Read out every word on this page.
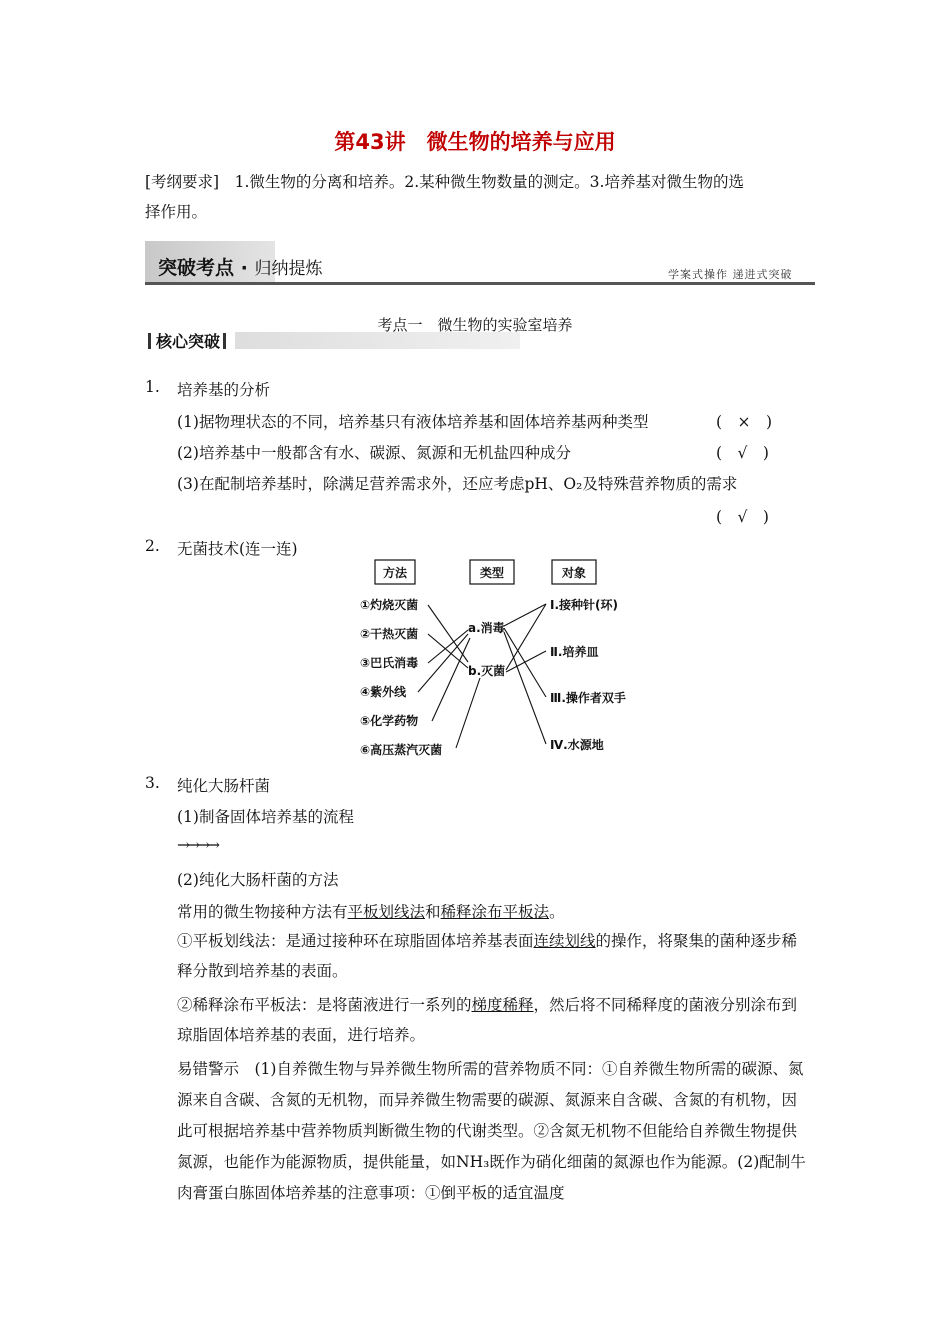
第43讲　微生物的培养与应用
[考纲要求]　1.微生物的分离和培养。2.某种微生物数量的测定。3.培养基对微生物的选
择作用。
突破考点 · 归纳提炼	学案式操作 递进式突破
考点一　微生物的实验室培养
核心突破
1. 培养基的分析
(1)据物理状态的不同，培养基只有液体培养基和固体培养基两种类型	(　×　)
(2)培养基中一般都含有水、碳源、氮源和无机盐四种成分	(　√　)
(3)在配制培养基时，除满足营养需求外，还应考虑pH、O₂及特殊营养物质的需求
(　√　)
2. 无菌技术(连一连)
方法	类型	对象
①灼烧灭菌
②干热灭菌
③巴氏消毒
④紫外线
⑤化学药物
⑥高压蒸汽灭菌
a.消毒
b.灭菌
Ⅰ.接种针(环)
Ⅱ.培养皿
Ⅲ.操作者双手
Ⅳ.水源地
3. 纯化大肠杆菌
(1)制备固体培养基的流程
→→→→
(2)纯化大肠杆菌的方法
常用的微生物接种方法有平板划线法和稀释涂布平板法。
①平板划线法：是通过接种环在琼脂固体培养基表面连续划线的操作，将聚集的菌种逐步稀释分散到培养基的表面。
②稀释涂布平板法：是将菌液进行一系列的梯度稀释，然后将不同稀释度的菌液分别涂布到琼脂固体培养基的表面，进行培养。
易错警示　(1)自养微生物与异养微生物所需的营养物质不同：①自养微生物所需的碳源、氮源来自含碳、含氮的无机物，而异养微生物需要的碳源、氮源来自含碳、含氮的有机物，因此可根据培养基中营养物质判断微生物的代谢类型。②含氮无机物不但能给自养微生物提供氮源，也能作为能源物质，提供能量，如NH₃既作为硝化细菌的氮源也作为能源。(2)配制牛肉膏蛋白胨固体培养基的注意事项：①倒平板的适宜温度
